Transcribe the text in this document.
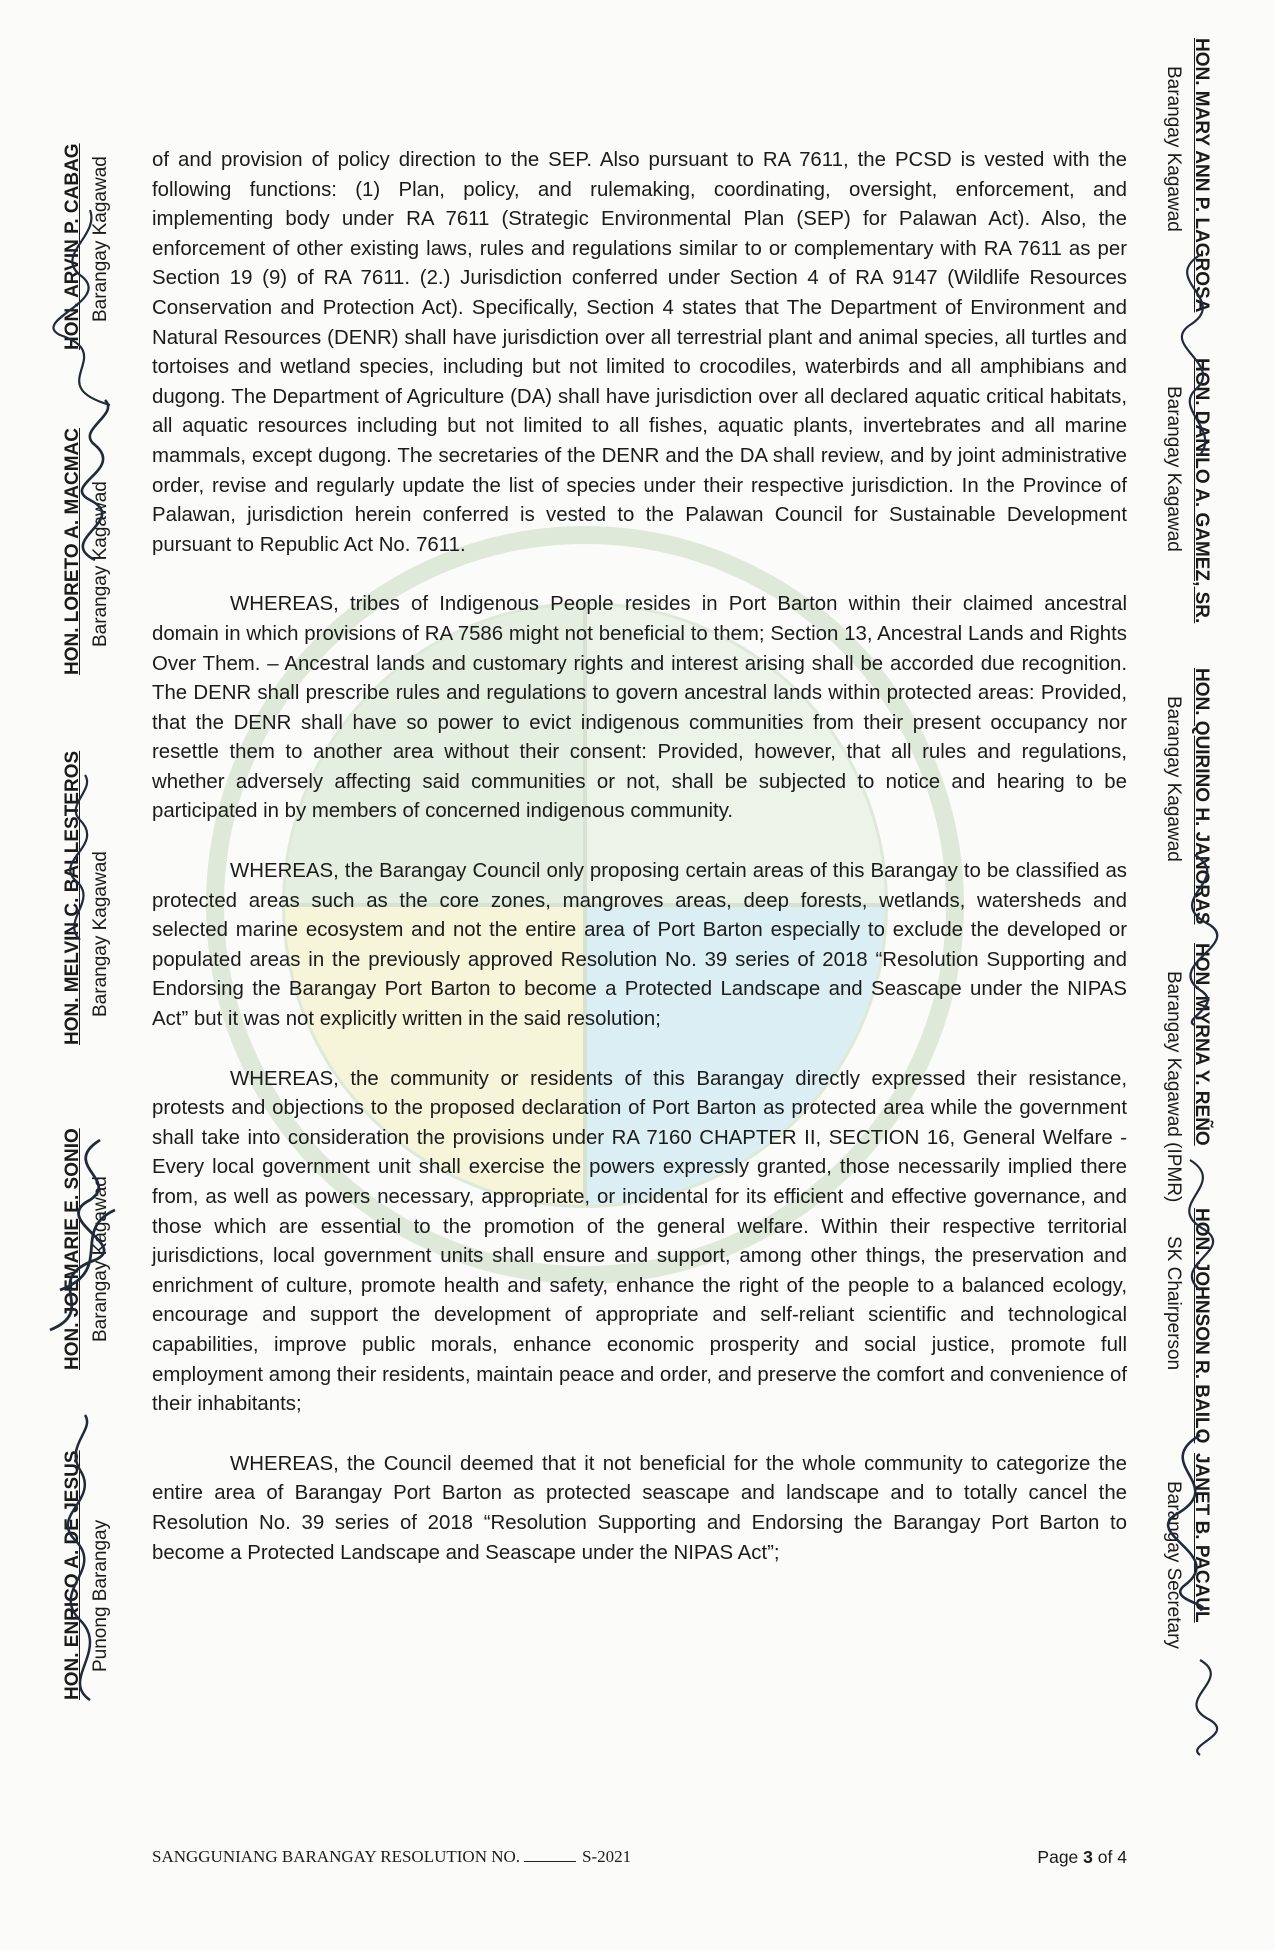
of and provision of policy direction to the SEP. Also pursuant to RA 7611, the PCSD is vested with the following functions: (1) Plan, policy, and rulemaking, coordinating, oversight, enforcement, and implementing body under RA 7611 (Strategic Environmental Plan (SEP) for Palawan Act). Also, the enforcement of other existing laws, rules and regulations similar to or complementary with RA 7611 as per Section 19 (9) of RA 7611. (2.) Jurisdiction conferred under Section 4 of RA 9147 (Wildlife Resources Conservation and Protection Act). Specifically, Section 4 states that The Department of Environment and Natural Resources (DENR) shall have jurisdiction over all terrestrial plant and animal species, all turtles and tortoises and wetland species, including but not limited to crocodiles, waterbirds and all amphibians and dugong. The Department of Agriculture (DA) shall have jurisdiction over all declared aquatic critical habitats, all aquatic resources including but not limited to all fishes, aquatic plants, invertebrates and all marine mammals, except dugong. The secretaries of the DENR and the DA shall review, and by joint administrative order, revise and regularly update the list of species under their respective jurisdiction. In the Province of Palawan, jurisdiction herein conferred is vested to the Palawan Council for Sustainable Development pursuant to Republic Act No. 7611.

WHEREAS, tribes of Indigenous People resides in Port Barton within their claimed ancestral domain in which provisions of RA 7586 might not beneficial to them; Section 13, Ancestral Lands and Rights Over Them. – Ancestral lands and customary rights and interest arising shall be accorded due recognition. The DENR shall prescribe rules and regulations to govern ancestral lands within protected areas: Provided, that the DENR shall have so power to evict indigenous communities from their present occupancy nor resettle them to another area without their consent: Provided, however, that all rules and regulations, whether adversely affecting said communities or not, shall be subjected to notice and hearing to be participated in by members of concerned indigenous community.

WHEREAS, the Barangay Council only proposing certain areas of this Barangay to be classified as protected areas such as the core zones, mangroves areas, deep forests, wetlands, watersheds and selected marine ecosystem and not the entire area of Port Barton especially to exclude the developed or populated areas in the previously approved Resolution No. 39 series of 2018 “Resolution Supporting and Endorsing the Barangay Port Barton to become a Protected Landscape and Seascape under the NIPAS Act” but it was not explicitly written in the said resolution;

WHEREAS, the community or residents of this Barangay directly expressed their resistance, protests and objections to the proposed declaration of Port Barton as protected area while the government shall take into consideration the provisions under RA 7160 CHAPTER II, SECTION 16, General Welfare - Every local government unit shall exercise the powers expressly granted, those necessarily implied there from, as well as powers necessary, appropriate, or incidental for its efficient and effective governance, and those which are essential to the promotion of the general welfare. Within their respective territorial jurisdictions, local government units shall ensure and support, among other things, the preservation and enrichment of culture, promote health and safety, enhance the right of the people to a balanced ecology, encourage and support the development of appropriate and self-reliant scientific and technological capabilities, improve public morals, enhance economic prosperity and social justice, promote full employment among their residents, maintain peace and order, and preserve the comfort and convenience of their inhabitants;

WHEREAS, the Council deemed that it not beneficial for the whole community to categorize the entire area of Barangay Port Barton as protected seascape and landscape and to totally cancel the Resolution No. 39 series of 2018 “Resolution Supporting and Endorsing the Barangay Port Barton to become a Protected Landscape and Seascape under the NIPAS Act”;

HON. ENRICO A. DE JESUS Punong Barangay
HON. JOEMARIE E. SONIO Barangay Kagawad
HON. MELVIN C. BALLESTEROS Barangay Kagawad
HON. LORETO A. MACMAC Barangay Kagawad
HON. ARVIN P. CABAG Barangay Kagawad	HON. MARY ANN P. LAGROSA
Barangay Kagawad
HON. DANILO A. GAMEZ, SR.
Barangay Kagawad
HON. QUIRINO H. JANORAS
Barangay Kagawad
HON. MYRNA Y. REÑO
Barangay Kagawad (IPMR)
HON. JOHNSON R. BAILO
SK Chairperson
JANET B. PACAUL
Barangay Secretary
SANGGUNIANG BARANGAY RESOLUTION NO.	S-2021	Page 3 of 4
